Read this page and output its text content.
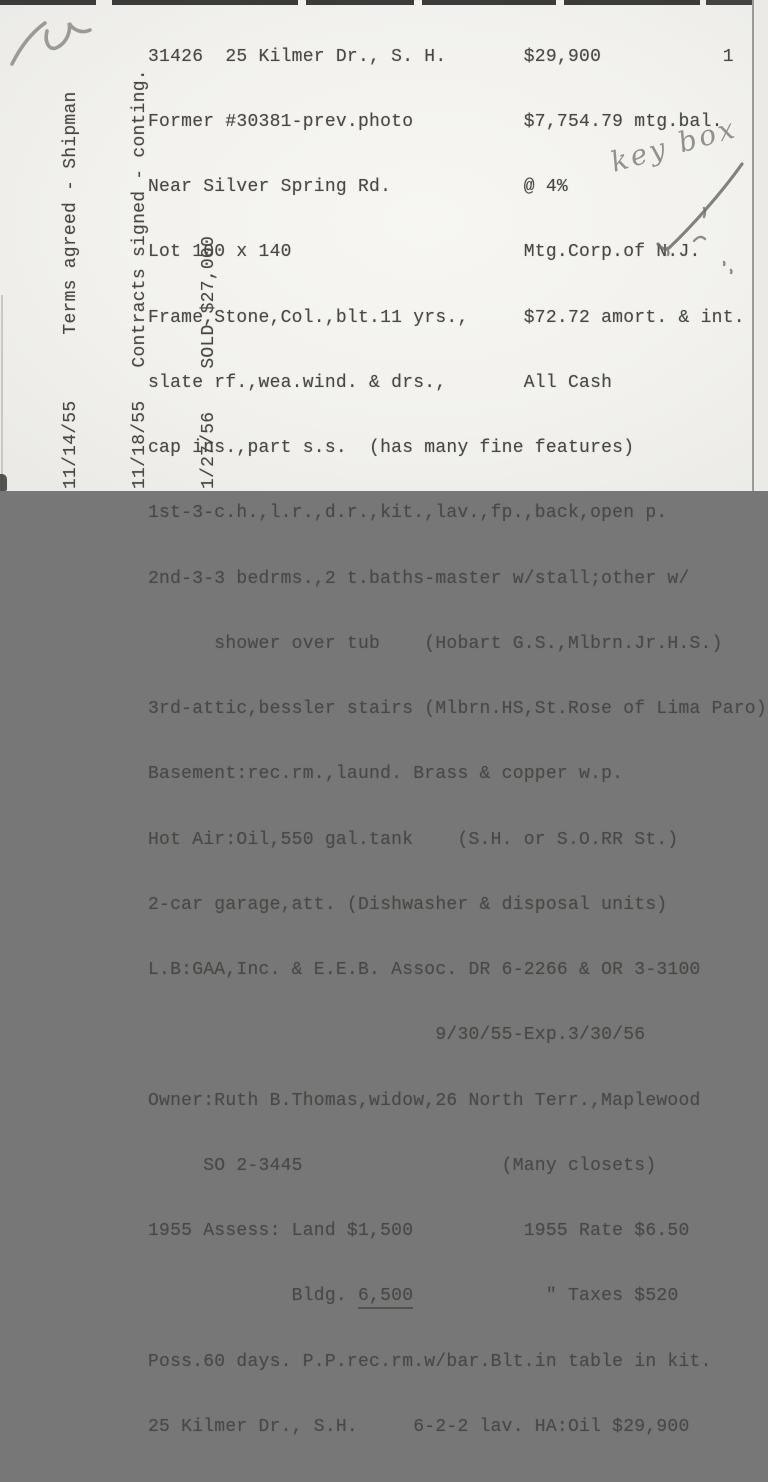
31426  25 Kilmer Dr., S. H.       $29,900           1

Former #30381-prev.photo          $7,754.79 mtg.bal.

Near Silver Spring Rd.            @ 4%

Lot 100 x 140                     Mtg.Corp.of N.J.

Frame,Stone,Col.,blt.11 yrs.,     $72.72 amort. & int.

slate rf.,wea.wind. & drs.,       All Cash

cap ins.,part s.s.  (has many fine features)

1st-3-c.h.,l.r.,d.r.,kit.,lav.,fp.,back,open p.

2nd-3-3 bedrms.,2 t.baths-master w/stall;other w/

shower over tub    (Hobart G.S.,Mlbrn.Jr.H.S.)

3rd-attic,bessler stairs (Mlbrn.HS,St.Rose of Lima Paro)

Basement:rec.rm.,laund. Brass & copper w.p.

Hot Air:Oil,550 gal.tank    (S.H. or S.O.RR St.)

2-car garage,att. (Dishwasher & disposal units)

L.B:GAA,Inc. & E.E.B. Assoc. DR 6-2266 & OR 3-3100

9/30/55-Exp.3/30/56

Owner:Ruth B.Thomas,widow,26 North Terr.,Maplewood

SO 2-3445                  (Many closets)

1955 Assess: Land $1,500          1955 Rate $6.50

Bldg. 6,500            " Taxes $520

Poss.60 days. P.P.rec.rm.w/bar.Blt.in table in kit.

25 Kilmer Dr., S.H.     6-2-2 lav. HA:Oil $29,900

11/14/55Terms agreed - Shipman

11/18/55Contracts signed - conting.

1/27/56SOLD $27,000

key box
